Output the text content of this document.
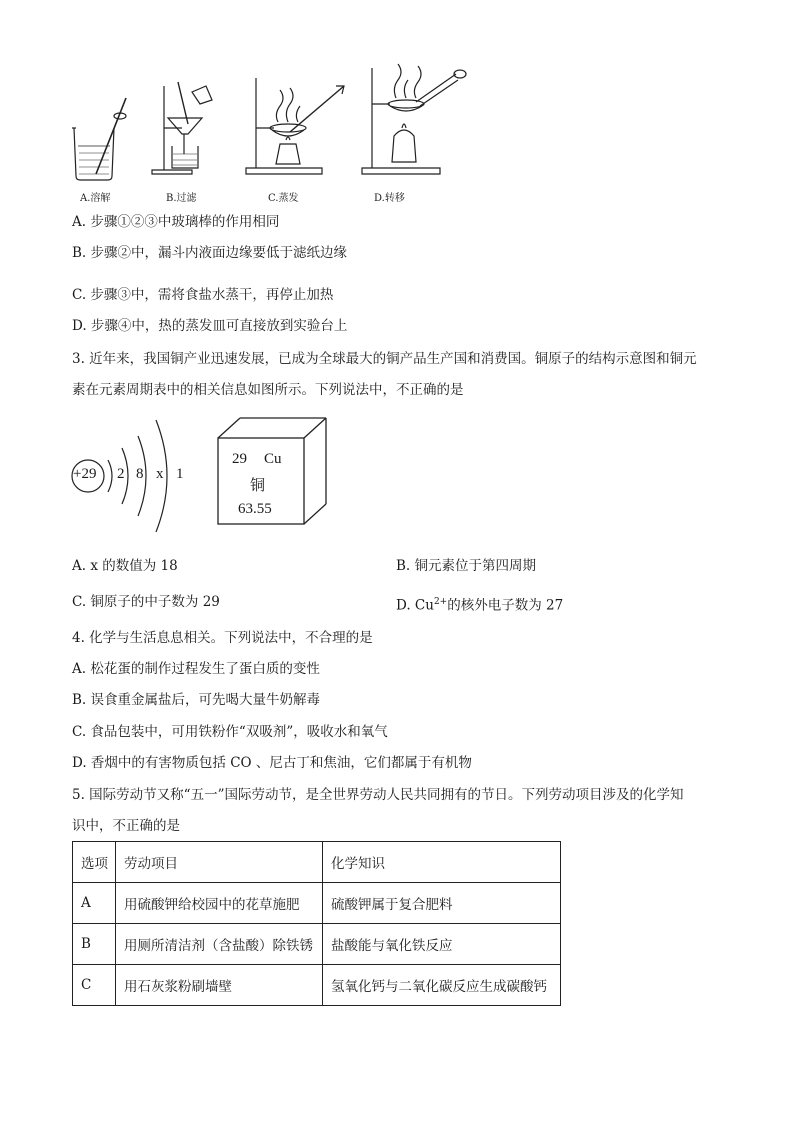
A.溶解	B.过滤	C.蒸发	D.转移
A. 步骤①②③中玻璃棒的作用相同
B. 步骤②中，漏斗内液面边缘要低于滤纸边缘
C. 步骤③中，需将食盐水蒸干，再停止加热
D. 步骤④中，热的蒸发皿可直接放到实验台上
3. 近年来，我国铜产业迅速发展，已成为全球最大的铜产品生产国和消费国。铜原子的结构示意图和铜元
素在元素周期表中的相关信息如图所示。下列说法中，不正确的是
+29 2 8 x 1
29 Cu
铜
63.55
A. x 的数值为 18	B. 铜元素位于第四周期
C. 铜原子的中子数为 29	D. $Cu^{2+}$的核外电子数为 27
4. 化学与生活息息相关。下列说法中，不合理的是
A. 松花蛋的制作过程发生了蛋白质的变性
B. 误食重金属盐后，可先喝大量牛奶解毒
C. 食品包装中，可用铁粉作“双吸剂”，吸收水和氧气
D. 香烟中的有害物质包括 CO 、尼古丁和焦油，它们都属于有机物
5. 国际劳动节又称“五一”国际劳动节，是全世界劳动人民共同拥有的节日。下列劳动项目涉及的化学知
识中，不正确的是
选项	劳动项目	化学知识
A	用硫酸钾给校园中的花草施肥	硫酸钾属于复合肥料
B	用厕所清洁剂（含盐酸）除铁锈	盐酸能与氧化铁反应
C	用石灰浆粉刷墙壁	氢氧化钙与二氧化碳反应生成碳酸钙
